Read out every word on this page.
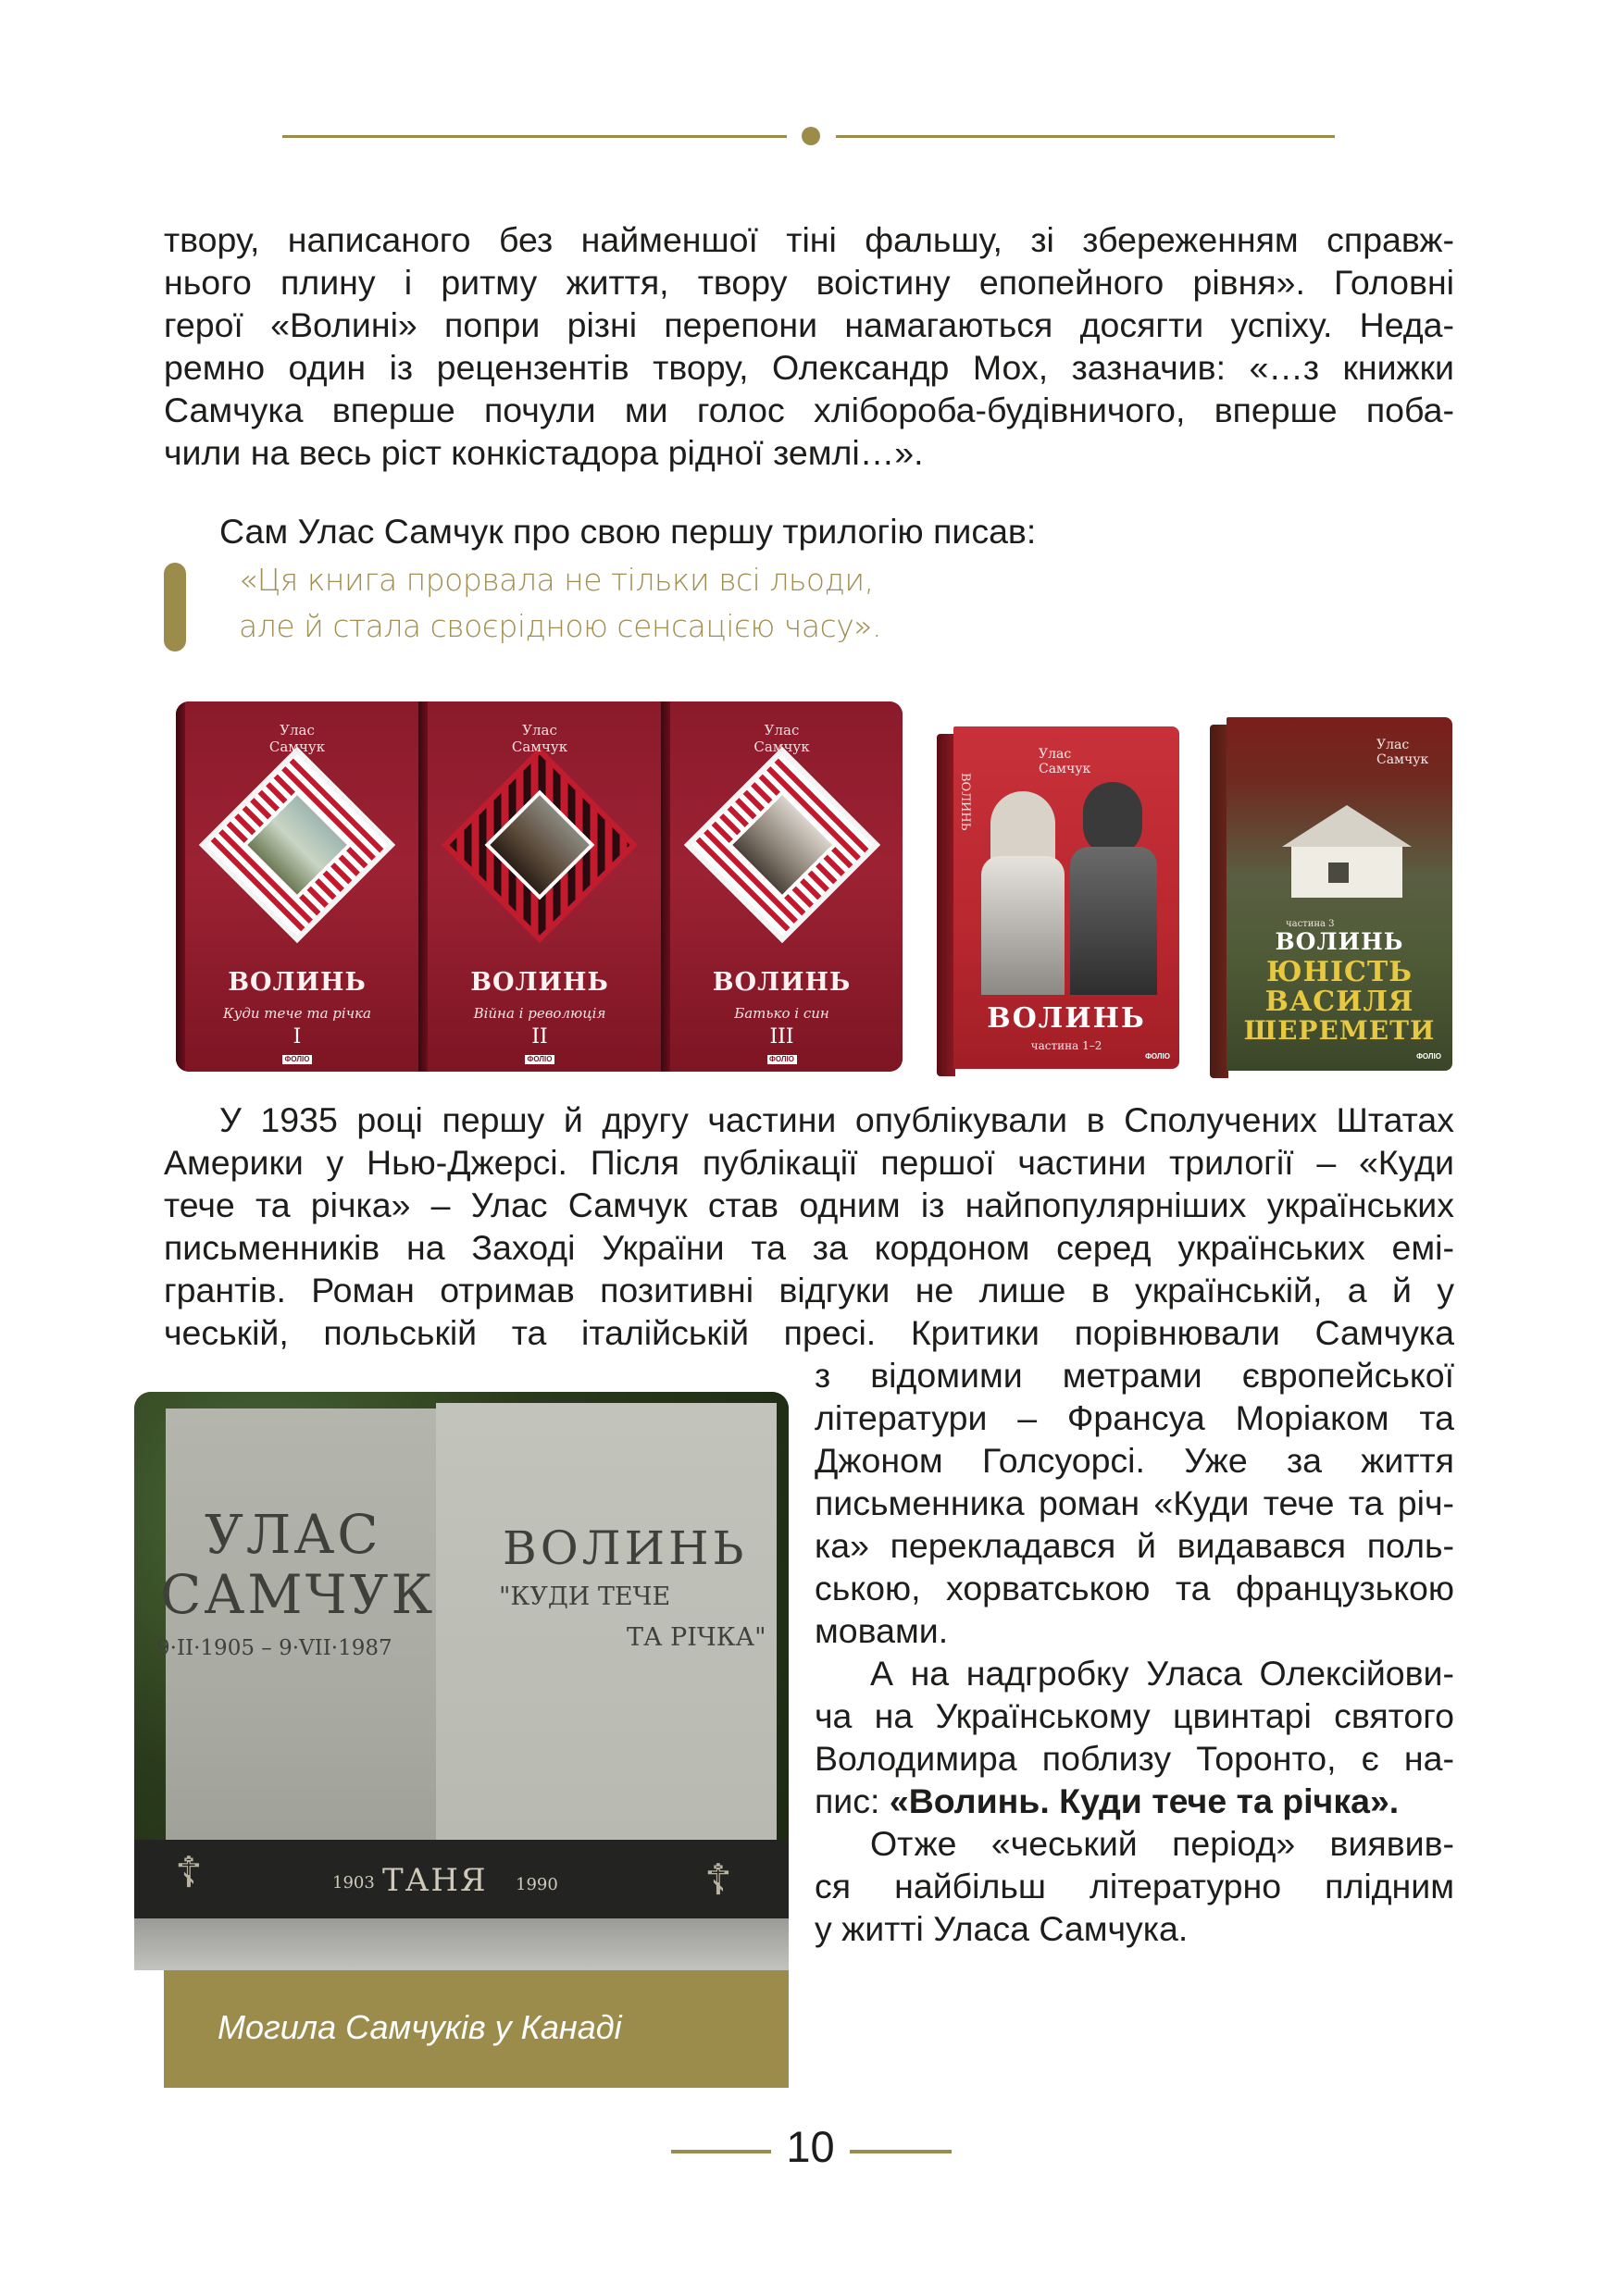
твору, написаного без найменшої тіні фальшу, зі збереженням справж-
нього плину і ритму життя, твору воістину епопейного рівня». Головні
герої «Волині» попри різні перепони намагаються досягти успіху. Неда-
ремно один із рецензентів твору, Олександр Мох, зазначив: «…з книжки
Самчука вперше почули ми голос хлібороба-будівничого, вперше поба-
чили на весь ріст конкістадора рідної землі…».

Сам Улас Самчук про свою першу трилогію писав:

«Ця книга прорвала не тільки всі льоди,
але й стала своєрідною сенсацією часу».

Улас
Самчук
ВОЛИНЬ
Куди тече та річка
I
ФОЛІО
Улас
Самчук
ВОЛИНЬ
Війна і революція
II
ФОЛІО
Улас
Самчук
ВОЛИНЬ
Батько і син
III
ФОЛІО
Улас
Самчук
ВОЛИНЬ
частина 1–2
ФОЛІО
ВОЛИНЬ
Улас
Самчук
ВОЛИНЬ
частина 3
ЮНІСТЬ
ВАСИЛЯ
ШЕРЕМЕТИ
ФОЛІО

У 1935 році першу й другу частини опублікували в Сполучених Штатах
Америки у Нью-Джерсі. Після публікації першої частини трилогії – «Куди
тече та річка» – Улас Самчук став одним із найпопулярніших українських
письменників на Заході України та за кордоном серед українських емі-
грантів. Роман отримав позитивні відгуки не лише в українській, а й у
чеській, польській та італійській пресі. Критики порівнювали Самчука

з відомими метрами європейської
літератури – Франсуа Моріаком та
Джоном Голсуорсі. Уже за життя
письменника роман «Куди тече та річ-
ка» перекладався й видавався поль-
ською, хорватською та французькою
мовами.

А на надгробку Уласа Олексійови-
ча на Українському цвинтарі святого
Володимира поблизу Торонто, є на-
пис: «Волинь. Куди тече та річка».

Отже «чеський період» виявив-
ся найбільш літературно плідним
у житті Уласа Самчука.

УЛАС
САМЧУК
9·II·1905 – 9·VII·1987
ВОЛИНЬ
"КУДИ ТЕЧЕ
ТА РІЧКА"
☦	☦
1903 ТАНЯ 1990

Могила Самчуків у Канаді

10
